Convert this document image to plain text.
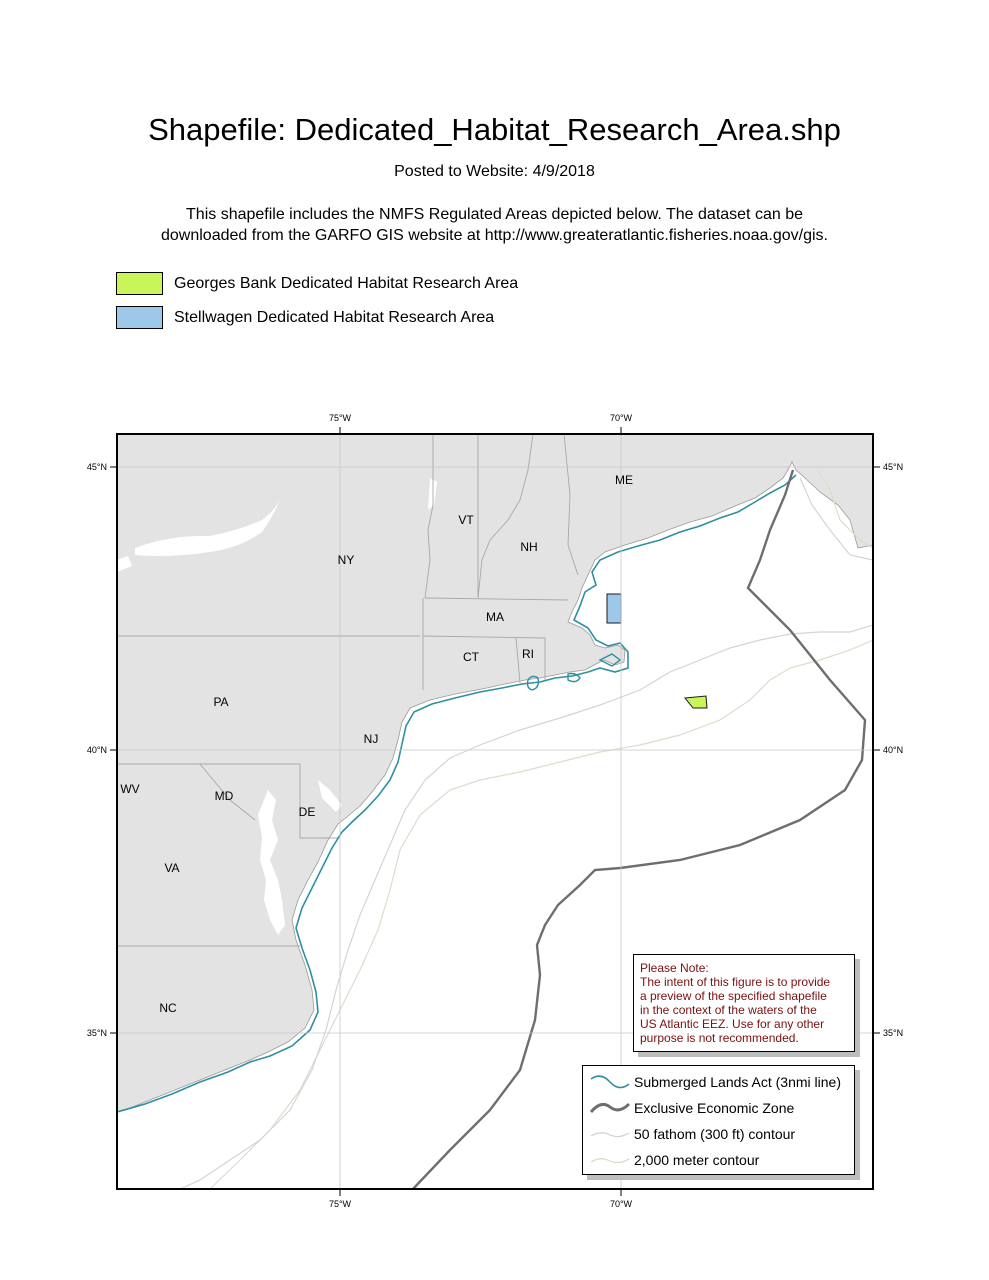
Shapefile: Dedicated_Habitat_Research_Area.shp
Posted to Website: 4/9/2018
This shapefile includes the NMFS Regulated Areas depicted below. The dataset can be
downloaded from the GARFO GIS website at http://www.greateratlantic.fisheries.noaa.gov/gis.
Georges Bank Dedicated Habitat Research Area
Stellwagen Dedicated Habitat Research Area
75°W	70°W
75°W	70°W
45°N
40°N
35°N
45°N
40°N
35°N
ME
VT
NH
NY
MA
CT	RI
PA
NJ
WV	MD
DE
VA
NC
Please Note:
The intent of this figure is to provide
a preview of the specified shapefile
in the context of the waters of the
US Atlantic EEZ. Use for any other
purpose is not recommended.
Submerged Lands Act (3nmi line)
Exclusive Economic Zone
50 fathom (300 ft) contour
2,000 meter contour
